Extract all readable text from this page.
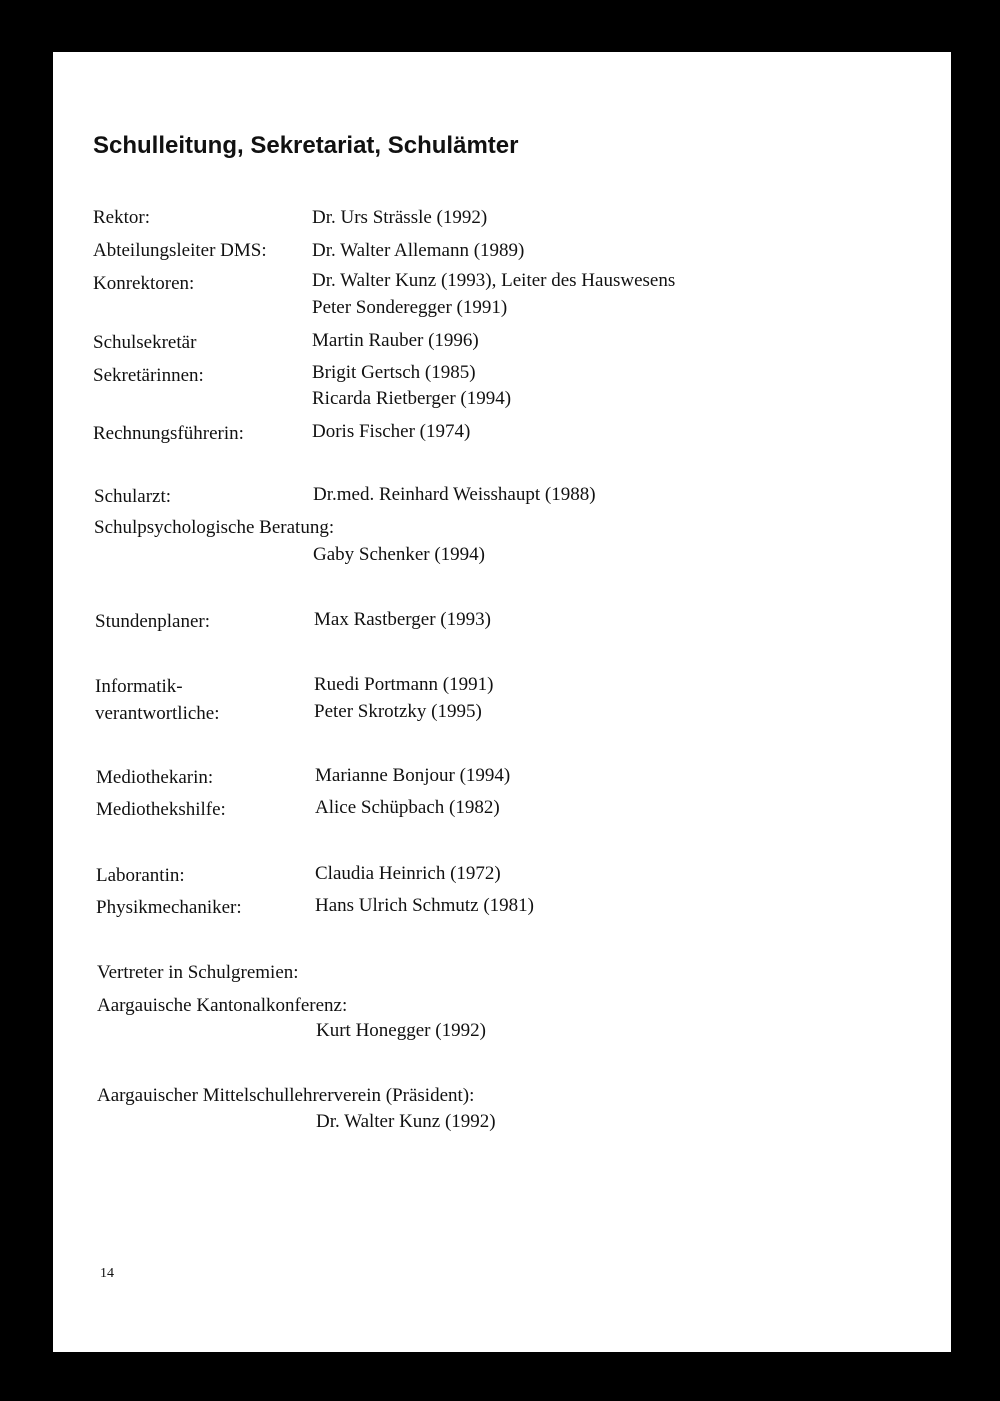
Schulleitung, Sekretariat, Schulämter
Rektor:	Dr. Urs Strässle (1992)
Abteilungsleiter DMS: Dr. Walter Allemann (1989)
Konrektoren:	Dr. Walter Kunz (1993), Leiter des Hauswesens
Peter Sonderegger (1991)
Schulsekretär	Martin Rauber (1996)
Sekretärinnen:	Brigit Gertsch (1985)
Ricarda Rietberger (1994)
Rechnungsführerin:	Doris Fischer (1974)
Schularzt:	Dr.med. Reinhard Weisshaupt (1988)
Schulpsychologische Beratung:
Gaby Schenker (1994)
Stundenplaner:	Max Rastberger (1993)
Informatik-
verantwortliche:
Ruedi Portmann (1991)
Peter Skrotzky (1995)
Mediothekarin:	Marianne Bonjour (1994)
Mediothekshilfe:	Alice Schüpbach (1982)
Laborantin:	Claudia Heinrich (1972)
Physikmechaniker:	Hans Ulrich Schmutz (1981)
Vertreter in Schulgremien:
Aargauische Kantonalkonferenz:
Kurt Honegger (1992)
Aargauischer Mittelschullehrerverein (Präsident):
Dr. Walter Kunz (1992)
14
